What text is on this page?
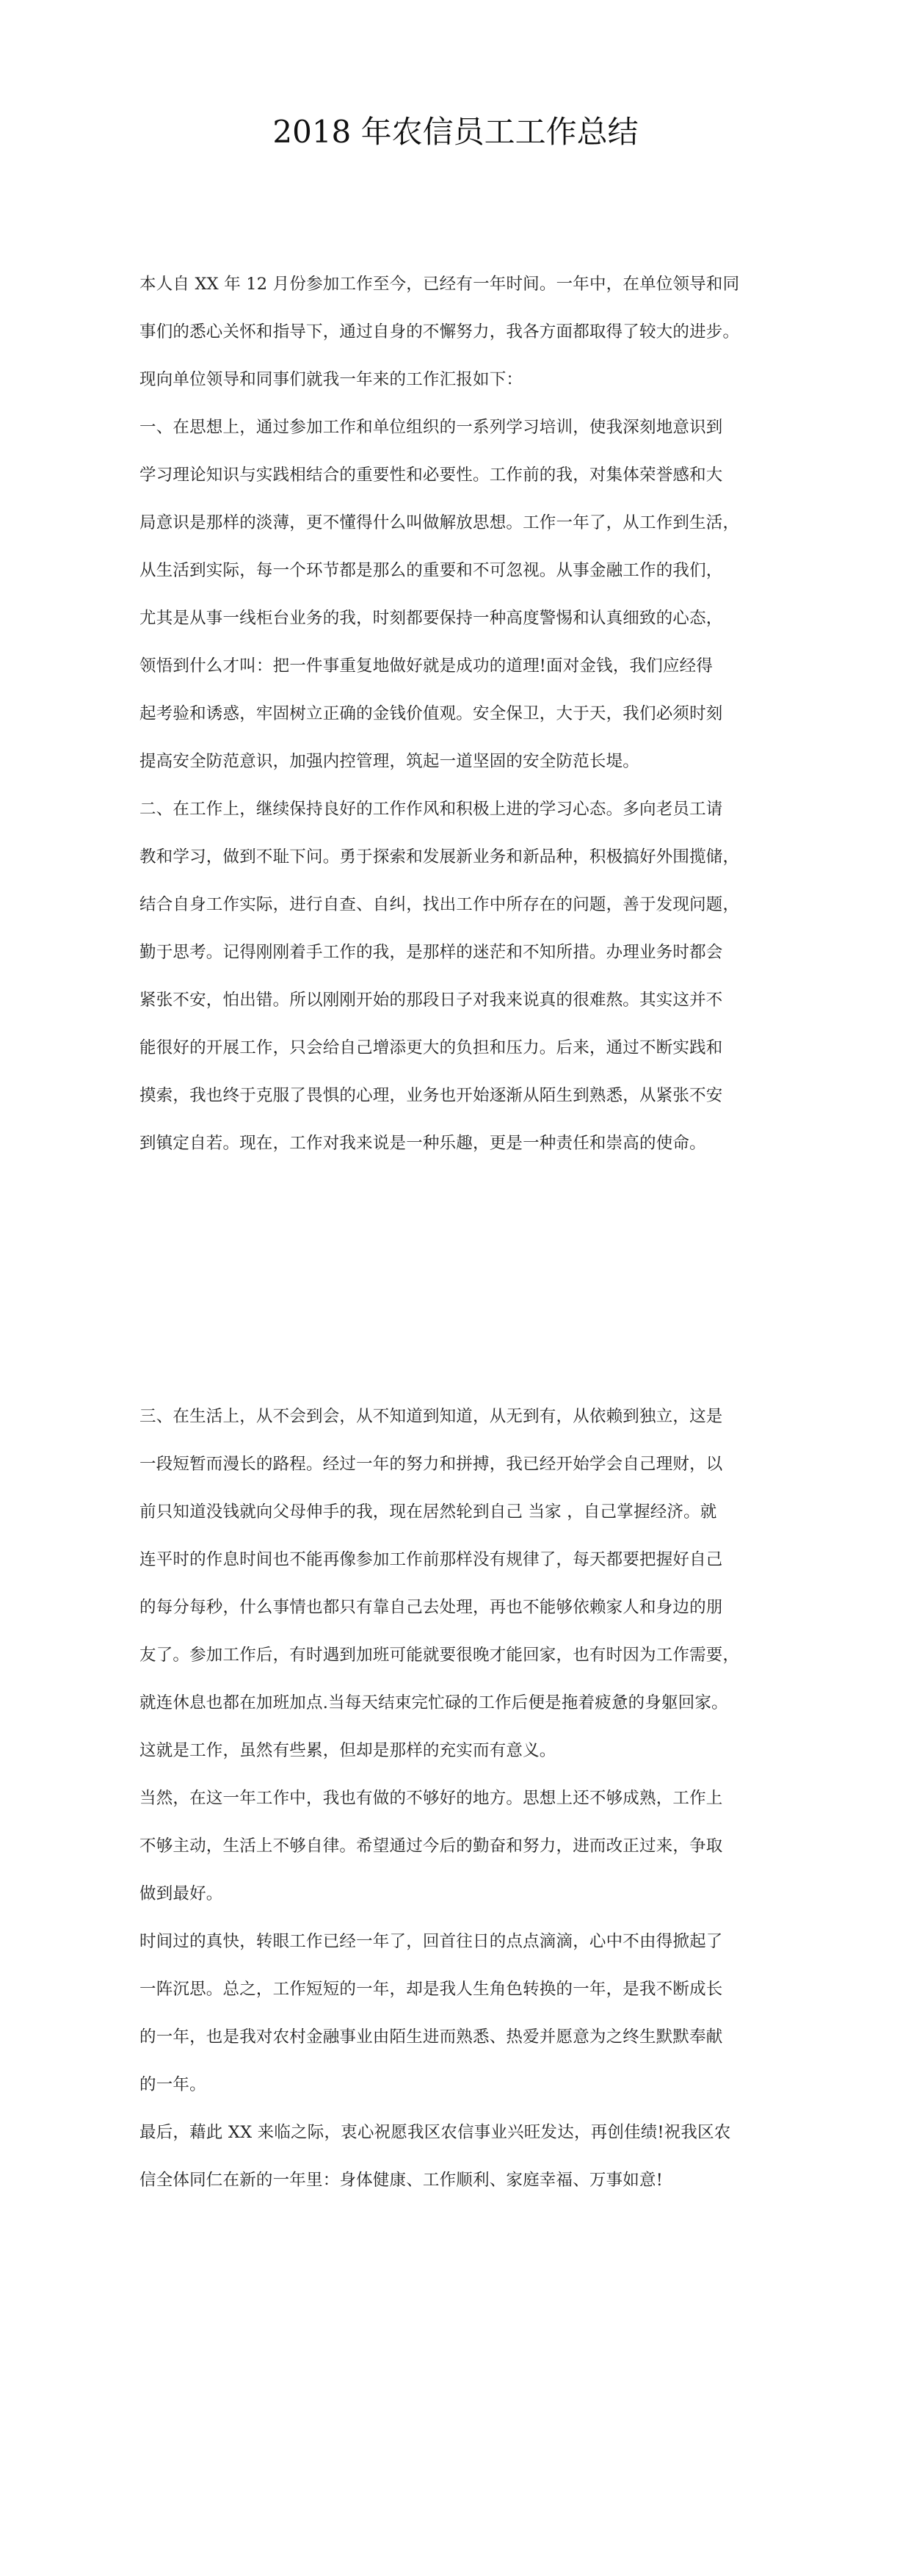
2018 年农信员工工作总结
本人自 XX 年 12 月份参加工作至今，已经有一年时间。一年中，在单位领导和同
事们的悉心关怀和指导下，通过自身的不懈努力，我各方面都取得了较大的进步。
现向单位领导和同事们就我一年来的工作汇报如下：
一、在思想上，通过参加工作和单位组织的一系列学习培训，使我深刻地意识到
学习理论知识与实践相结合的重要性和必要性。工作前的我，对集体荣誉感和大
局意识是那样的淡薄，更不懂得什么叫做解放思想。工作一年了，从工作到生活，
从生活到实际，每一个环节都是那么的重要和不可忽视。从事金融工作的我们，
尤其是从事一线柜台业务的我，时刻都要保持一种高度警惕和认真细致的心态，
领悟到什么才叫：把一件事重复地做好就是成功的道理!面对金钱，我们应经得
起考验和诱惑，牢固树立正确的金钱价值观。安全保卫，大于天，我们必须时刻
提高安全防范意识，加强内控管理，筑起一道坚固的安全防范长堤。
二、在工作上，继续保持良好的工作作风和积极上进的学习心态。多向老员工请
教和学习，做到不耻下问。勇于探索和发展新业务和新品种，积极搞好外围揽储，
结合自身工作实际，进行自查、自纠，找出工作中所存在的问题，善于发现问题，
勤于思考。记得刚刚着手工作的我，是那样的迷茫和不知所措。办理业务时都会
紧张不安，怕出错。所以刚刚开始的那段日子对我来说真的很难熬。其实这并不
能很好的开展工作，只会给自己增添更大的负担和压力。后来，通过不断实践和
摸索，我也终于克服了畏惧的心理，业务也开始逐渐从陌生到熟悉，从紧张不安
到镇定自若。现在，工作对我来说是一种乐趣，更是一种责任和崇高的使命。
三、在生活上，从不会到会，从不知道到知道，从无到有，从依赖到独立，这是
一段短暂而漫长的路程。经过一年的努力和拼搏，我已经开始学会自己理财，以
前只知道没钱就向父母伸手的我，现在居然轮到自己 当家 ，自己掌握经济。就
连平时的作息时间也不能再像参加工作前那样没有规律了，每天都要把握好自己
的每分每秒，什么事情也都只有靠自己去处理，再也不能够依赖家人和身边的朋
友了。参加工作后，有时遇到加班可能就要很晚才能回家，也有时因为工作需要，
就连休息也都在加班加点.当每天结束完忙碌的工作后便是拖着疲惫的身躯回家。
这就是工作，虽然有些累，但却是那样的充实而有意义。
当然，在这一年工作中，我也有做的不够好的地方。思想上还不够成熟，工作上
不够主动，生活上不够自律。希望通过今后的勤奋和努力，进而改正过来，争取
做到最好。
时间过的真快，转眼工作已经一年了，回首往日的点点滴滴，心中不由得掀起了
一阵沉思。总之，工作短短的一年，却是我人生角色转换的一年，是我不断成长
的一年，也是我对农村金融事业由陌生进而熟悉、热爱并愿意为之终生默默奉献
的一年。
最后，藉此 XX 来临之际，衷心祝愿我区农信事业兴旺发达，再创佳绩!祝我区农
信全体同仁在新的一年里：身体健康、工作顺利、家庭幸福、万事如意!
